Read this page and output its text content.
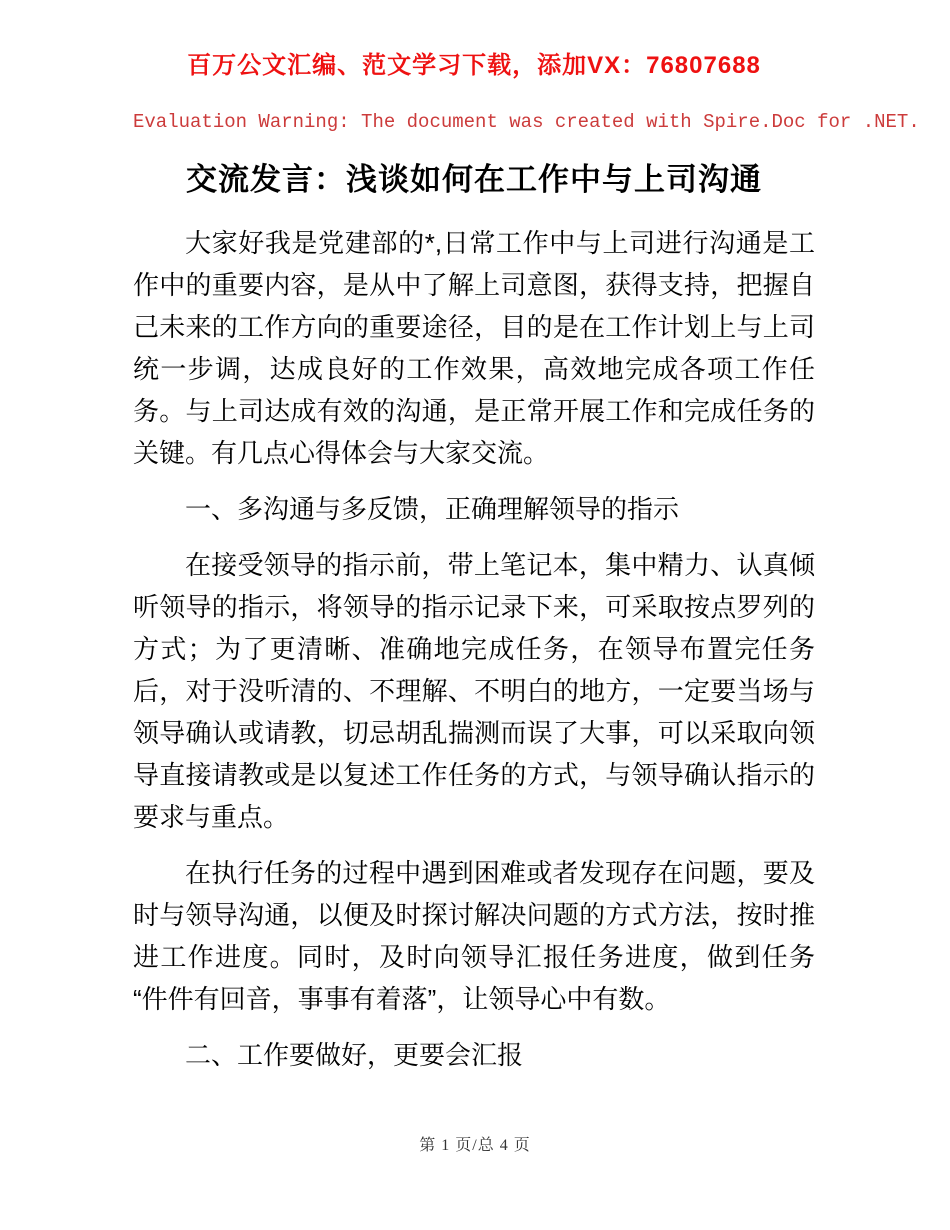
百万公文汇编、范文学习下载，添加VX：76807688
Evaluation Warning: The document was created with Spire.Doc for .NET.
交流发言：浅谈如何在工作中与上司沟通

大家好我是党建部的*,日常工作中与上司进行沟通是工作中的重要内容，是从中了解上司意图，获得支持，把握自己未来的工作方向的重要途径，目的是在工作计划上与上司统一步调，达成良好的工作效果，高效地完成各项工作任务。与上司达成有效的沟通，是正常开展工作和完成任务的关键。有几点心得体会与大家交流。

一、多沟通与多反馈，正确理解领导的指示

在接受领导的指示前，带上笔记本，集中精力、认真倾听领导的指示，将领导的指示记录下来，可采取按点罗列的方式；为了更清晰、准确地完成任务，在领导布置完任务后，对于没听清的、不理解、不明白的地方，一定要当场与领导确认或请教，切忌胡乱揣测而误了大事，可以采取向领导直接请教或是以复述工作任务的方式，与领导确认指示的要求与重点。

在执行任务的过程中遇到困难或者发现存在问题，要及时与领导沟通，以便及时探讨解决问题的方式方法，按时推进工作进度。同时，及时向领导汇报任务进度，做到任务“件件有回音，事事有着落”，让领导心中有数。

二、工作要做好，更要会汇报

第 1 页/总 4 页
